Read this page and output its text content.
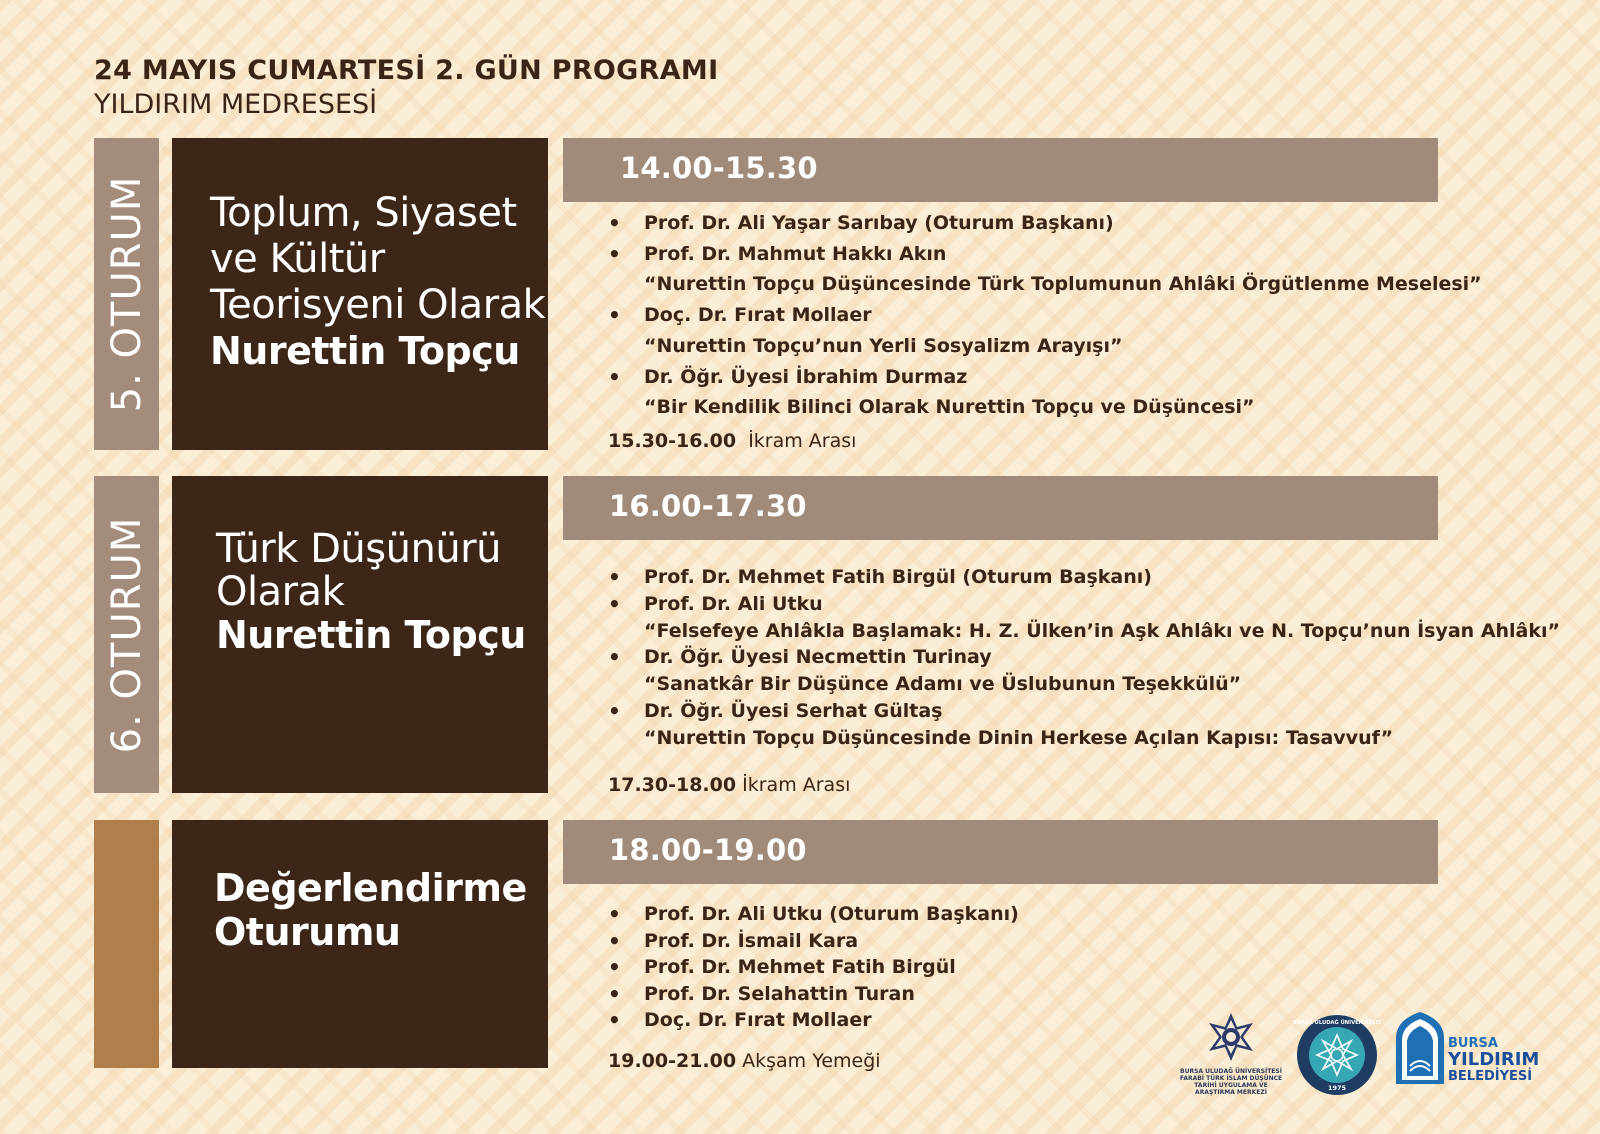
24 MAYIS CUMARTESİ 2. GÜN PROGRAMI
YILDIRIM MEDRESESİ
5. OTURUM Toplum, Siyaset
ve Kültür
Teorisyeni Olarak
Nurettin Topçu
14.00-15.30
• Prof. Dr. Ali Yaşar Sarıbay (Oturum Başkanı)
• Prof. Dr. Mahmut Hakkı Akın
“Nurettin Topçu Düşüncesinde Türk Toplumunun Ahlâki Örgütlenme Meselesi”
• Doç. Dr. Fırat Mollaer
“Nurettin Topçu’nun Yerli Sosyalizm Arayışı”
• Dr. Öğr. Üyesi İbrahim Durmaz
“Bir Kendilik Bilinci Olarak Nurettin Topçu ve Düşüncesi”
15.30-16.00 İkram Arası
6. OTURUM Türk Düşünürü
Olarak
Nurettin Topçu
16.00-17.30
• Prof. Dr. Mehmet Fatih Birgül (Oturum Başkanı)
• Prof. Dr. Ali Utku
“Felsefeye Ahlâkla Başlamak: H. Z. Ülken’in Aşk Ahlâkı ve N. Topçu’nun İsyan Ahlâkı”
• Dr. Öğr. Üyesi Necmettin Turinay
“Sanatkâr Bir Düşünce Adamı ve Üslubunun Teşekkülü”
• Dr. Öğr. Üyesi Serhat Gültaş
“Nurettin Topçu Düşüncesinde Dinin Herkese Açılan Kapısı: Tasavvuf”
17.30-18.00 İkram Arası
Değerlendirme
Oturumu
18.00-19.00
• Prof. Dr. Ali Utku (Oturum Başkanı)
• Prof. Dr. İsmail Kara
• Prof. Dr. Mehmet Fatih Birgül
• Prof. Dr. Selahattin Turan
• Doç. Dr. Fırat Mollaer
19.00-21.00 Akşam Yemeği	BURSA ULUDAĞ ÜNİVERSİTESİ
FARABİ TÜRK İSLAM DÜŞÜNCE
TARİHİ UYGULAMA VE
ARAŞTIRMA MERKEZİ
1975
BURSA ULUDAĞ ÜNİVERSİTESİ
BURSA
YILDIRIM
BELEDİYESİ
